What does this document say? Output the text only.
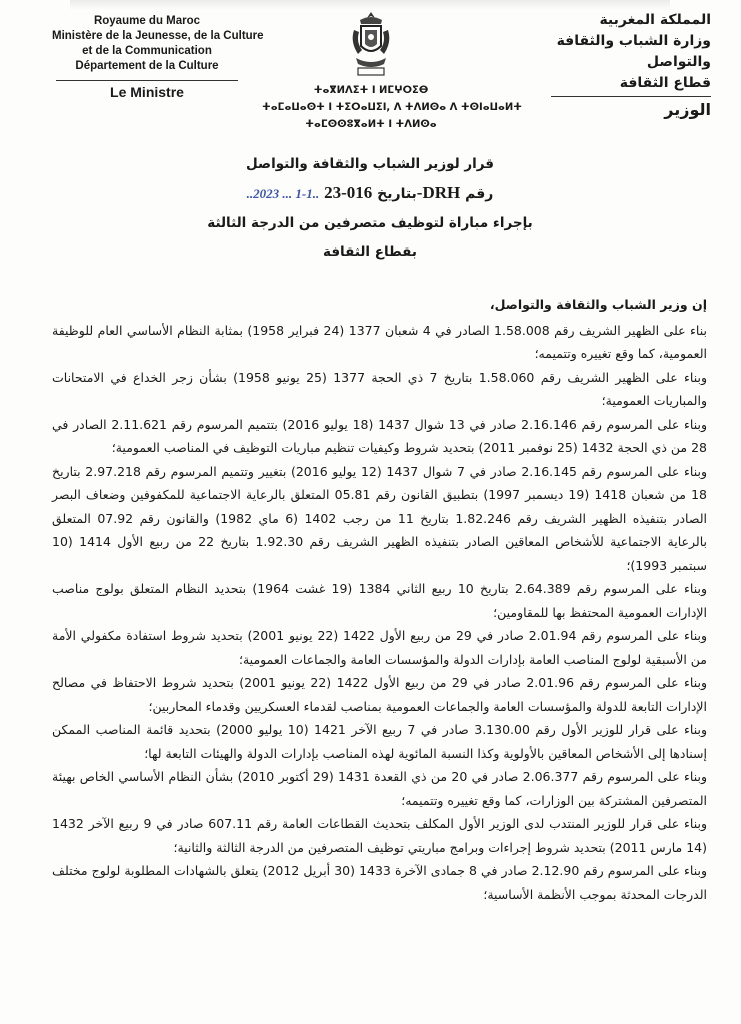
Royaume du Maroc
Ministère de la Jeunesse, de la Culture
et de la Communication
Département de la Culture
Le Ministre	ⵜⴰⴳⵍⴷⵉⵜ ⵏ ⵍⵎⵖⵔⵉⴱ
ⵜⴰⵎⴰⵡⴰⵙⵜ ⵏ ⵜⵉⵔⴰⵡⵉⵏ, ⴷ ⵜⴷⵍⵙⴰ ⴷ ⵜⵙⵏⴰⵡⴰⵍⵜ
ⵜⴰⵎⵙⵙⵓⴳⴰⵍⵜ ⵏ ⵜⴷⵍⵙⴰ
المملكة المغربية
وزارة الشباب والثقافة
والتواصل
قطاع الثقافة
الوزير
قرار لوزير الشباب والثقافة والتواصل
..2023 ... 1-1..	بتاريخ 016-23-DRH رقم
بإجراء مباراة لتوظيف متصرفين من الدرجة الثالثة
بقطاع الثقافة

إن وزير الشباب والثقافة والتواصل،

بناء على الظهير الشريف رقم 1.58.008 الصادر في 4 شعبان 1377 (24 فبراير 1958) بمثابة النظام الأساسي العام للوظيفة العمومية، كما وقع تغييره وتتميمه؛

وبناء على الظهير الشريف رقم 1.58.060 بتاريخ 7 ذي الحجة 1377 (25 يونيو 1958) بشأن زجر الخداع في الامتحانات والمباريات العمومية؛

وبناء على المرسوم رقم 2.16.146 صادر في 13 شوال 1437 (18 يوليو 2016) بتتميم المرسوم رقم 2.11.621 الصادر في 28 من ذي الحجة 1432 (25 نوفمبر 2011) بتحديد شروط وكيفيات تنظيم مباريات التوظيف في المناصب العمومية؛

وبناء على المرسوم رقم 2.16.145 صادر في 7 شوال 1437 (12 يوليو 2016) بتغيير وتتميم المرسوم رقم 2.97.218 بتاريخ 18 من شعبان 1418 (19 ديسمبر 1997) بتطبيق القانون رقم 05.81 المتعلق بالرعاية الاجتماعية للمكفوفين وضعاف البصر الصادر بتنفيذه الظهير الشريف رقم 1.82.246 بتاريخ 11 من رجب 1402 (6 ماي 1982) والقانون رقم 07.92 المتعلق بالرعاية الاجتماعية للأشخاص المعاقين الصادر بتنفيذه الظهير الشريف رقم 1.92.30 بتاريخ 22 من ربيع الأول 1414 (10 سبتمبر 1993)؛

وبناء على المرسوم رقم 2.64.389 بتاريخ 10 ربيع الثاني 1384 (19 غشت 1964) بتحديد النظام المتعلق بولوج مناصب الإدارات العمومية المحتفظ بها للمقاومين؛

وبناء على المرسوم رقم 2.01.94 صادر في 29 من ربيع الأول 1422 (22 يونيو 2001) بتحديد شروط استفادة مكفولي الأمة من الأسبقية لولوج المناصب العامة بإدارات الدولة والمؤسسات العامة والجماعات العمومية؛

وبناء على المرسوم رقم 2.01.96 صادر في 29 من ربيع الأول 1422 (22 يونيو 2001) بتحديد شروط الاحتفاظ في مصالح الإدارات التابعة للدولة والمؤسسات العامة والجماعات العمومية بمناصب لقدماء العسكريين وقدماء المحاربين؛

وبناء على قرار للوزير الأول رقم 3.130.00 صادر في 7 ربيع الآخر 1421 (10 يوليو 2000) بتحديد قائمة المناصب الممكن إسنادها إلى الأشخاص المعاقين بالأولوية وكذا النسبة المائوية لهذه المناصب بإدارات الدولة والهيئات التابعة لها؛

وبناء على المرسوم رقم 2.06.377 صادر في 20 من ذي القعدة 1431 (29 أكتوبر 2010) بشأن النظام الأساسي الخاص بهيئة المتصرفين المشتركة بين الوزارات، كما وقع تغييره وتتميمه؛

وبناء على قرار للوزير المنتدب لدى الوزير الأول المكلف بتحديث القطاعات العامة رقم 607.11 صادر في 9 ربيع الآخر 1432 (14 مارس 2011) بتحديد شروط إجراءات وبرامج مباريتي توظيف المتصرفين من الدرجة الثالثة والثانية؛

وبناء على المرسوم رقم 2.12.90 صادر في 8 جمادى الآخرة 1433 (30 أبريل 2012) يتعلق بالشهادات المطلوبة لولوج مختلف الدرجات المحدثة بموجب الأنظمة الأساسية؛
